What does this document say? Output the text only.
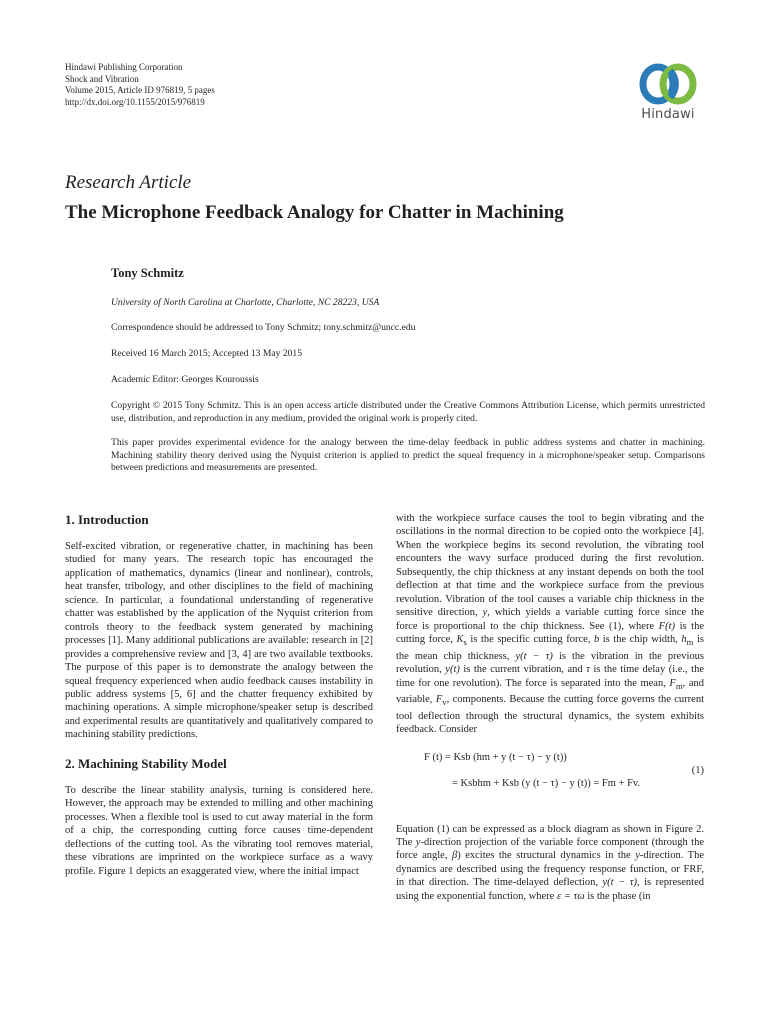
Hindawi Publishing Corporation
Shock and Vibration
Volume 2015, Article ID 976819, 5 pages
http://dx.doi.org/10.1155/2015/976819
Hindawi
Research Article
The Microphone Feedback Analogy for Chatter in Machining
Tony Schmitz
University of North Carolina at Charlotte, Charlotte, NC 28223, USA
Correspondence should be addressed to Tony Schmitz; tony.schmitz@uncc.edu
Received 16 March 2015; Accepted 13 May 2015
Academic Editor: Georges Kouroussis
Copyright © 2015 Tony Schmitz. This is an open access article distributed under the Creative Commons Attribution License, which permits unrestricted use, distribution, and reproduction in any medium, provided the original work is properly cited.
This paper provides experimental evidence for the analogy between the time-delay feedback in public address systems and chatter in machining. Machining stability theory derived using the Nyquist criterion is applied to predict the squeal frequency in a microphone/speaker setup. Comparisons between predictions and measurements are presented.
1. Introduction

Self-excited vibration, or regenerative chatter, in machining has been studied for many years. The research topic has encouraged the application of mathematics, dynamics (linear and nonlinear), controls, heat transfer, tribology, and other disciplines to the field of machining science. In particular, a foundational understanding of regenerative chatter was established by the application of the Nyquist criterion from controls theory to the feedback system generated by machining processes [1]. Many additional publications are available: research in [2] provides a comprehensive review and [3, 4] are two available textbooks. The purpose of this paper is to demonstrate the analogy between the squeal frequency experienced when audio feedback causes instability in public address systems [5, 6] and the chatter frequency exhibited by machining operations. A simple microphone/speaker setup is described and experimental results are quantitatively and qualitatively compared to machining stability predictions.

2. Machining Stability Model

To describe the linear stability analysis, turning is considered here. However, the approach may be extended to milling and other machining processes. When a flexible tool is used to cut away material in the form of a chip, the corresponding cutting force causes time-dependent deflections of the cutting tool. As the vibrating tool removes material, these vibrations are imprinted on the workpiece surface as a wavy profile. Figure 1 depicts an exaggerated view, where the initial impact

with the workpiece surface causes the tool to begin vibrating and the oscillations in the normal direction to be copied onto the workpiece [4]. When the workpiece begins its second revolution, the vibrating tool encounters the wavy surface produced during the first revolution. Subsequently, the chip thickness at any instant depends on both the tool deflection at that time and the workpiece surface from the previous revolution. Vibration of the tool causes a variable chip thickness in the sensitive direction, y, which yields a variable cutting force since the force is proportional to the chip thickness. See (1), where F(t) is the cutting force, $K_s$ is the specific cutting force, b is the chip width, $h_m$ is the mean chip thickness, y(t − τ) is the vibration in the previous revolution, y(t) is the current vibration, and τ is the time delay (i.e., the time for one revolution). The force is separated into the mean, $F_m$, and variable, $F_v$, components. Because the cutting force governs the current tool deflection through the structural dynamics, the system exhibits feedback. Consider

F (t) = Ksb (hm + y (t − τ) − y (t))
= Ksbhm + Ksb (y (t − τ) − y (t)) = Fm + Fv.
(1)

Equation (1) can be expressed as a block diagram as shown in Figure 2. The y-direction projection of the variable force component (through the force angle, β) excites the structural dynamics in the y-direction. The dynamics are described using the frequency response function, or FRF, in that direction. The time-delayed deflection, y(t − τ), is represented using the exponential function, where ε = τω is the phase (in
